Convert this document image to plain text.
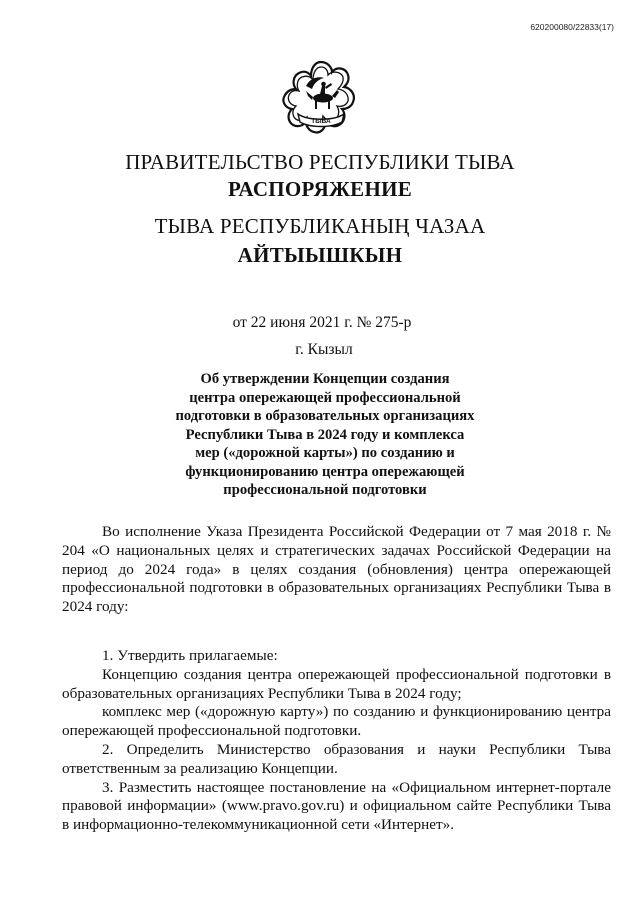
620200080/22833(17)
ТЫВА
ПРАВИТЕЛЬСТВО РЕСПУБЛИКИ ТЫВА
РАСПОРЯЖЕНИЕ
ТЫВА РЕСПУБЛИКАНЫҢ ЧАЗАА
АЙТЫЫШКЫН
от 22 июня 2021 г. № 275-р
г. Кызыл
Об утверждении Концепции создания
центра опережающей профессиональной
подготовки в образовательных организациях
Республики Тыва в 2024 году и комплекса
мер («дорожной карты») по созданию и
функционированию центра опережающей
профессиональной подготовки

Во исполнение Указа Президента Российской Федерации от 7 мая 2018 г. № 204 «О национальных целях и стратегических задачах Российской Федерации на период до 2024 года» в целях создания (обновления) центра опережающей профессиональной подготовки в образовательных организациях Республики Тыва в 2024 году:

1. Утвердить прилагаемые:

Концепцию создания центра опережающей профессиональной подготовки в образовательных организациях Республики Тыва в 2024 году;

комплекс мер («дорожную карту») по созданию и функционированию центра опережающей профессиональной подготовки.

2. Определить Министерство образования и науки Республики Тыва ответственным за реализацию Концепции.

3. Разместить настоящее постановление на «Официальном интернет-портале правовой информации» (www.pravo.gov.ru) и официальном сайте Республики Тыва в информационно-телекоммуникационной сети «Интернет».
